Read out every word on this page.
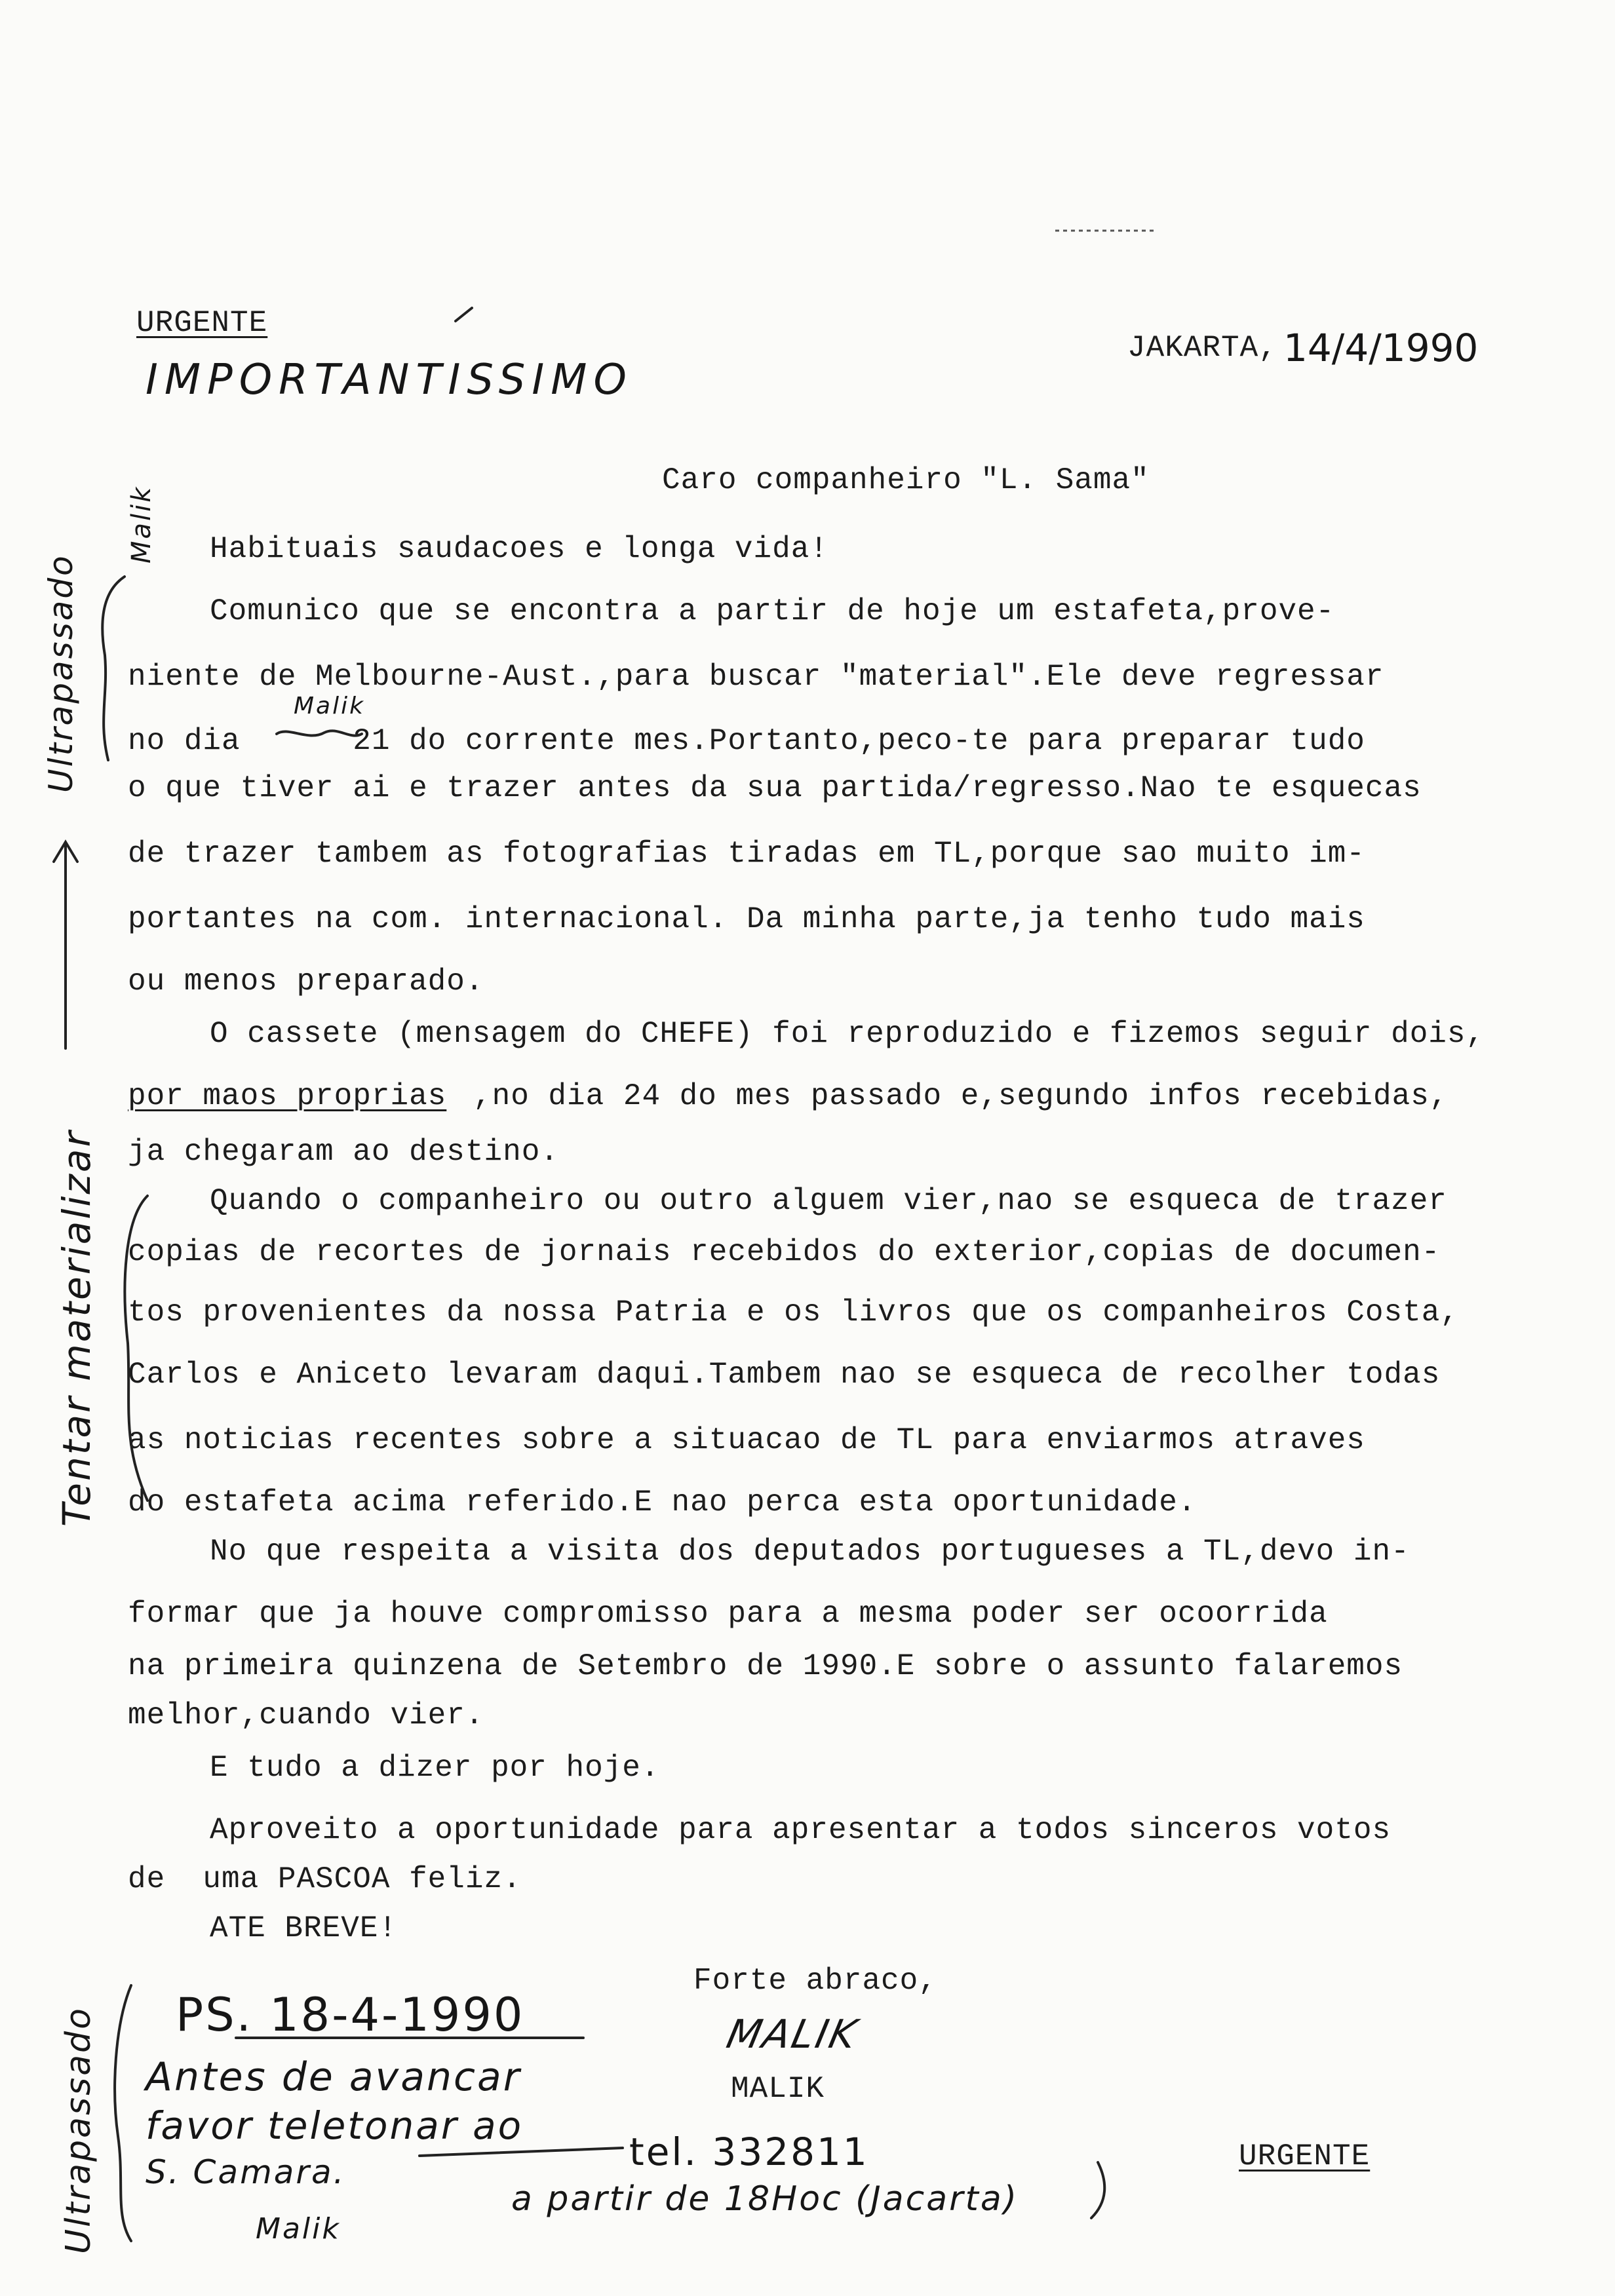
URGENTE
IMPORTANTISSIMO
JAKARTA, 14/4/1990
Caro companheiro "L. Sama"
Habituais saudacoes e longa vida!
Comunico que se encontra a partir de hoje um estafeta,prove-
niente de Melbourne-Aust.,para buscar "material".Ele deve regressar
no dia      21 do corrente mes.Portanto,peco-te para preparar tudo
Malik
o que tiver ai e trazer antes da sua partida/regresso.Nao te esquecas
de trazer tambem as fotografias tiradas em TL,porque sao muito im-
portantes na com. internacional. Da minha parte,ja tenho tudo mais
ou menos preparado.
O cassete (mensagem do CHEFE) foi reproduzido e fizemos seguir dois,
por maos proprias ,no dia 24 do mes passado e,segundo infos recebidas,
ja chegaram ao destino.
Quando o companheiro ou outro alguem vier,nao se esqueca de trazer
copias de recortes de jornais recebidos do exterior,copias de documen-
tos provenientes da nossa Patria e os livros que os companheiros Costa,
Carlos e Aniceto levaram daqui.Tambem nao se esqueca de recolher todas
as noticias recentes sobre a situacao de TL para enviarmos atraves
do estafeta acima referido.E nao perca esta oportunidade.
No que respeita a visita dos deputados portugueses a TL,devo in-
formar que ja houve compromisso para a mesma poder ser ocoorrida
na primeira quinzena de Setembro de 1990.E sobre o assunto falaremos
melhor,cuando vier.
E tudo a dizer por hoje.
Aproveito a oportunidade para apresentar a todos sinceros votos
de  uma PASCOA feliz.
ATE BREVE!
Forte abraco,
MALIK
MALIK
URGENTE
PS. 18-4-1990
Antes de avancar
favor teletonar ao
S. Camara.	tel. 332811
a partir de 18Hoc (Jacarta)
Malik
Ultrapassado
Malik
Tentar materializar
Ultrapassado
